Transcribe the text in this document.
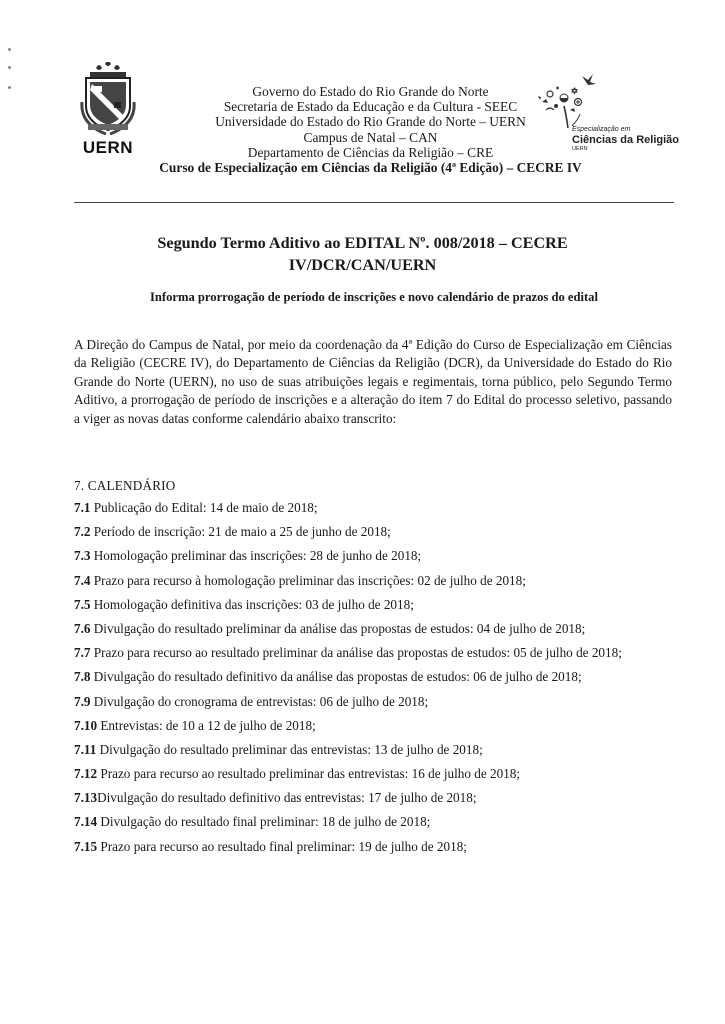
UERN
Governo do Estado do Rio Grande do Norte
Secretaria de Estado da Educação e da Cultura - SEEC
Universidade do Estado do Rio Grande do Norte – UERN
Campus de Natal – CAN
Departamento de Ciências da Religião – CRE
Curso de Especialização em Ciências da Religião (4ª Edição) – CECRE IV
Especialização em
Ciências da Religião
UERN
Segundo Termo Aditivo ao EDITAL Nº. 008/2018 – CECRE
IV/DCR/CAN/UERN
Informa prorrogação de período de inscrições e novo calendário de prazos do edital

A Direção do Campus de Natal, por meio da coordenação da 4ª Edição do Curso de Especialização em Ciências da Religião (CECRE IV), do Departamento de Ciências da Religião (DCR), da Universidade do Estado do Rio Grande do Norte (UERN), no uso de suas atribuições legais e regimentais, torna público, pelo Segundo Termo Aditivo, a prorrogação de período de inscrições e a alteração do item 7 do Edital do processo seletivo, passando a viger as novas datas conforme calendário abaixo transcrito:

7. CALENDÁRIO
7.1 Publicação do Edital: 14 de maio de 2018;
7.2 Período de inscrição: 21 de maio a 25 de junho de 2018;
7.3 Homologação preliminar das inscrições: 28 de junho de 2018;
7.4 Prazo para recurso à homologação preliminar das inscrições: 02 de julho de 2018;
7.5 Homologação definitiva das inscrições: 03 de julho de 2018;
7.6 Divulgação do resultado preliminar da análise das propostas de estudos: 04 de julho de 2018;
7.7 Prazo para recurso ao resultado preliminar da análise das propostas de estudos: 05 de julho de 2018;
7.8 Divulgação do resultado definitivo da análise das propostas de estudos: 06 de julho de 2018;
7.9 Divulgação do cronograma de entrevistas: 06 de julho de 2018;
7.10 Entrevistas: de 10 a 12 de julho de 2018;
7.11 Divulgação do resultado preliminar das entrevistas: 13 de julho de 2018;
7.12 Prazo para recurso ao resultado preliminar das entrevistas: 16 de julho de 2018;
7.13Divulgação do resultado definitivo das entrevistas: 17 de julho de 2018;
7.14 Divulgação do resultado final preliminar: 18 de julho de 2018;
7.15 Prazo para recurso ao resultado final preliminar: 19 de julho de 2018;
